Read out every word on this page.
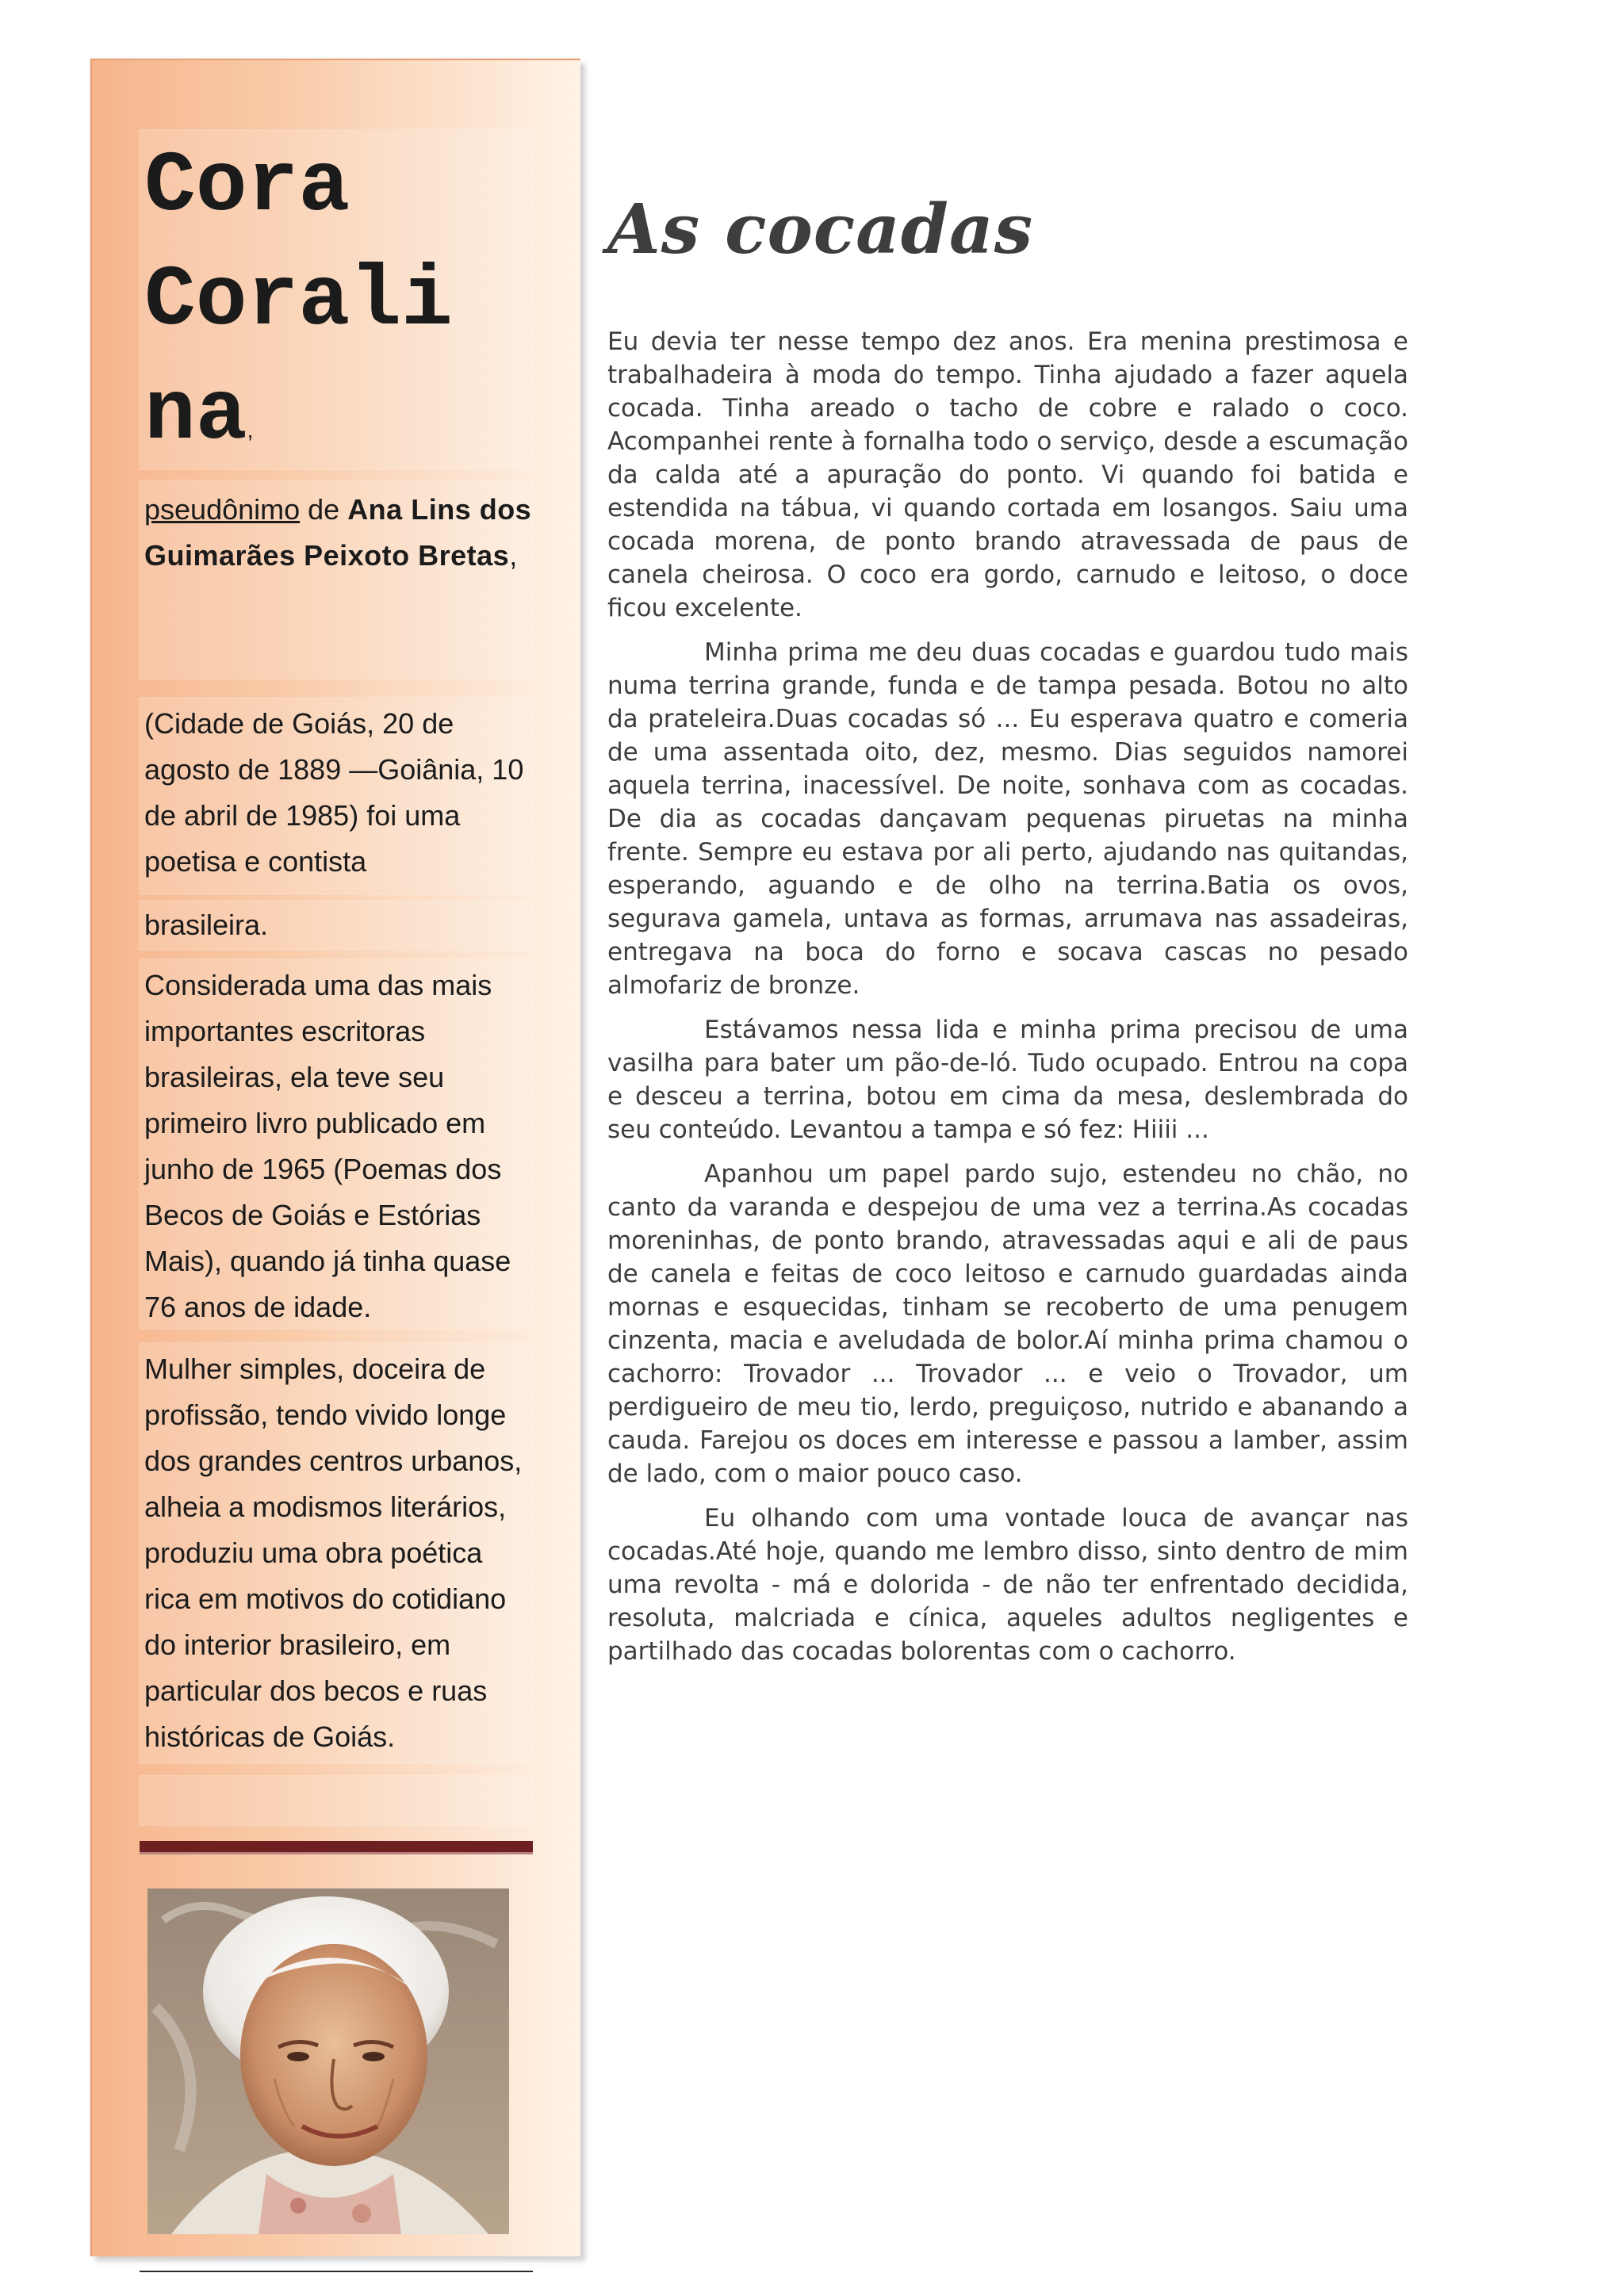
Cora
Corali
na,

pseudônimo de Ana Lins dos Guimarães Peixoto Bretas,
(Cidade de Goiás, 20 de agosto de 1889 —Goiânia, 10 de abril de 1985) foi uma poetisa e contista
brasileira.
Considerada uma das mais importantes escritoras brasileiras, ela teve seu primeiro livro publicado em junho de 1965 (Poemas dos Becos de Goiás e Estórias Mais), quando já tinha quase 76 anos de idade.
Mulher simples, doceira de profissão, tendo vivido longe dos grandes centros urbanos, alheia a modismos literários, produziu uma obra poética rica em motivos do cotidiano do interior brasileiro, em particular dos becos e ruas históricas de Goiás.
As cocadas

Eu devia ter nesse tempo dez anos. Era menina prestimosa e trabalhadeira à moda do tempo. Tinha ajudado a fazer aquela cocada. Tinha areado o tacho de cobre e ralado o coco. Acompanhei rente à fornalha todo o serviço, desde a escumação da calda até a apuração do ponto. Vi quando foi batida e estendida na tábua, vi quando cortada em losangos. Saiu uma cocada morena, de ponto brando atravessada de paus de canela cheirosa. O coco era gordo, carnudo e leitoso, o doce ficou excelente.

Minha prima me deu duas cocadas e guardou tudo mais numa terrina grande, funda e de tampa pesada. Botou no alto da prateleira.Duas cocadas só ... Eu esperava quatro e comeria de uma assentada oito, dez, mesmo. Dias seguidos namorei aquela terrina, inacessível. De noite, sonhava com as cocadas. De dia as cocadas dançavam pequenas piruetas na minha frente. Sempre eu estava por ali perto, ajudando nas quitandas, esperando, aguando e de olho na terrina.Batia os ovos, segurava gamela, untava as formas, arrumava nas assadeiras, entregava na boca do forno e socava cascas no pesado almofariz de bronze.

Estávamos nessa lida e minha prima precisou de uma vasilha para bater um pão-de-ló. Tudo ocupado. Entrou na copa e desceu a terrina, botou em cima da mesa, deslembrada do seu conteúdo. Levantou a tampa e só fez: Hiiii ...

Apanhou um papel pardo sujo, estendeu no chão, no canto da varanda e despejou de uma vez a terrina.As cocadas moreninhas, de ponto brando, atravessadas aqui e ali de paus de canela e feitas de coco leitoso e carnudo guardadas ainda mornas e esquecidas, tinham se recoberto de uma penugem cinzenta, macia e aveludada de bolor.Aí minha prima chamou o cachorro: Trovador ... Trovador ... e veio o Trovador, um perdigueiro de meu tio, lerdo, preguiçoso, nutrido e abanando a cauda. Farejou os doces em interesse e passou a lamber, assim de lado, com o maior pouco caso.

Eu olhando com uma vontade louca de avançar nas cocadas.Até hoje, quando me lembro disso, sinto dentro de mim uma revolta - má e dolorida - de não ter enfrentado decidida, resoluta, malcriada e cínica, aqueles adultos negligentes e partilhado das cocadas bolorentas com o cachorro.
